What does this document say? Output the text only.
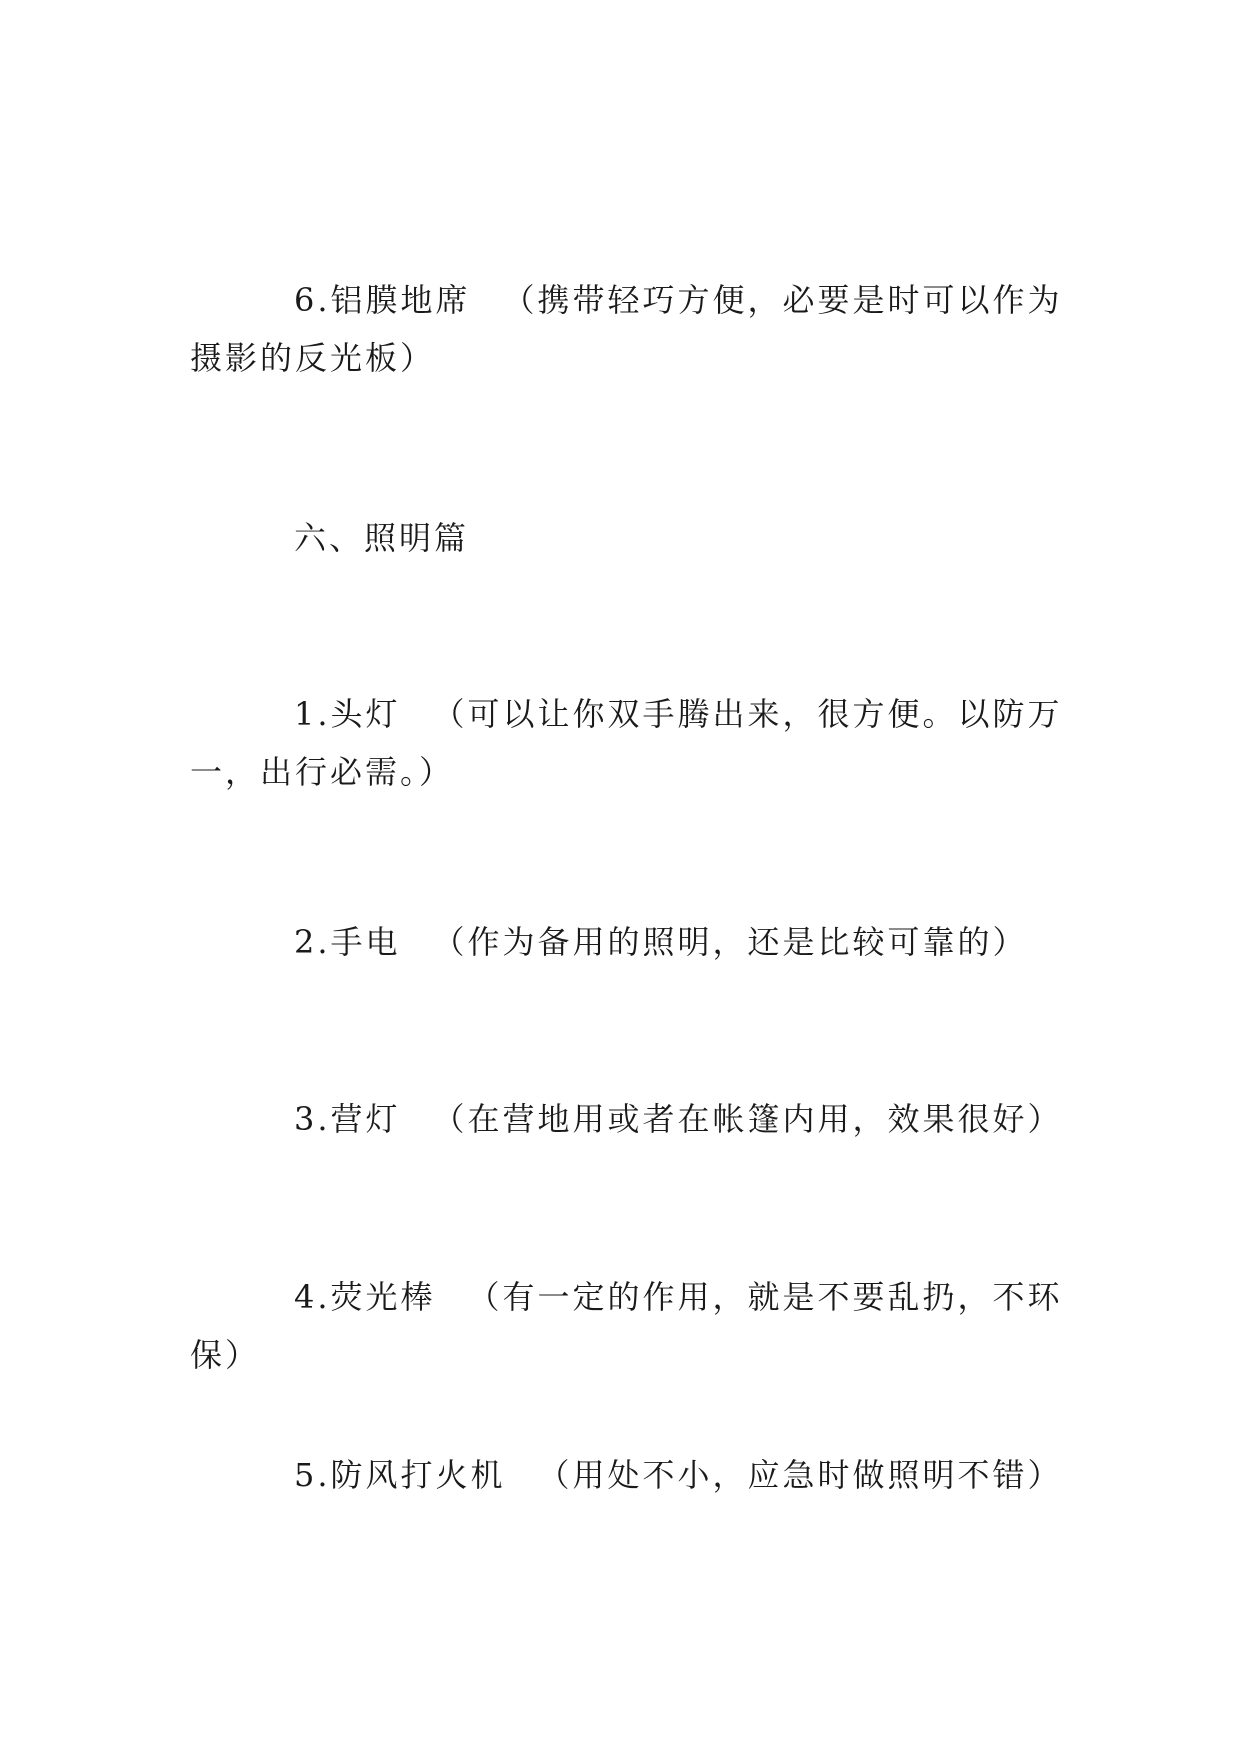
6.铝膜地席 （携带轻巧方便，必要是时可以作为摄影的反光板）

六、照明篇

1.头灯 （可以让你双手腾出来，很方便。以防万一，出行必需。）

2.手电 （作为备用的照明，还是比较可靠的）

3.营灯 （在营地用或者在帐篷内用，效果很好）

4.荧光棒 （有一定的作用，就是不要乱扔，不环保）

5.防风打火机 （用处不小，应急时做照明不错）
